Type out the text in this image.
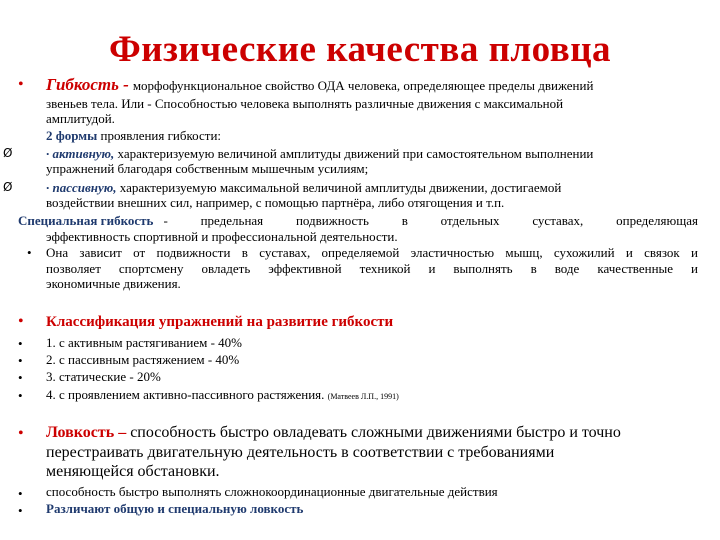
Физические качества пловца
• Гибкость - морфофункциональное свойство ОДА человека, определяющее пределы движений
звеньев тела. Или - Способностью человека выполнять различные движения с максимальной
амплитудой.
2 формы проявления гибкости:
Ø	· активную, характеризуемую величиной амплитуды движений при самостоятельном выполнении
упражнений благодаря собственным мышечным усилиям;
Ø	· пассивную, характеризуемую максимальной величиной амплитуды движении, достигаемой
воздействии внешних сил, например, с помощью партнёра, либо отягощения и т.п.
Специальная гибкость - предельная подвижность в отдельных суставах, определяющая
эффективность спортивной и профессиональной деятельности.
• Она зависит от подвижности в суставах, определяемой эластичностью мышц, сухожилий и связок и
позволяет спортсмену овладеть эффективной техникой и выполнять в воде качественные и
экономичные движения.
• Классификация упражнений на развитие гибкости
• 1. с активным растягиванием - 40%
• 2. с пассивным растяжением - 40%
• 3. статические - 20%
• 4. с проявлением активно-пассивного растяжения. (Матвеев Л.П., 1991)
• Ловкость – способность быстро овладевать сложными движениями быстро и точно
перестраивать двигательную деятельность в соответствии с требованиями
меняющейся обстановки.
• способность быстро выполнять сложнокоординационные двигательные действия
• Различают общую и специальную ловкость
